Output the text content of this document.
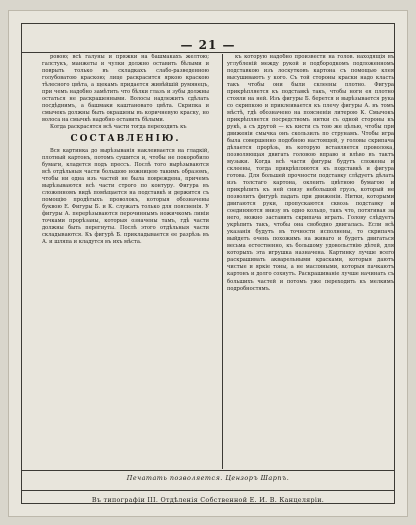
— 21 —
ровою; всѣ галуны и пряжки на башмакахъ желтою; галстукъ, манжеты и чулки должно оставить бѣлыми и поврыть только въ складкахъ слабо-разведенною голубоватою краскою; лице раскрасится яркою краскою тѣлесного цвѣта, а щекамъ придается живѣйшій румянецъ, при чемъ надобно замѣтить что бѣлки глазъ и зубы должны остаться не раскрашенными. Волосы надлежитъ сдѣлать посдѣднимъ, а башмаки каштановато цвѣта. Скрипка и смычекъ должны быть окрашены въ коричневую краску, но волоса на смычкѣ надобно оставить бѣлыми.
Когда раскрасятся всѣ части тогда переходить къ
СОСТАВЛЕНІЮ.
Вся картинка до вырѣзыванія наклеивается на гладкій, плотный картонъ, потомъ сушится и, чтобы не покоробило бумаги, кладется подъ прессъ. Послѣ того вырѣзываются всѣ отдѣльныя части большою ножницею такимъ образомъ, чтобы ни одна изъ частей не была повреждена, причемъ вырѣзываются всѣ части строго по контуру. Фигура въ сложенномъ видѣ помѣщается на подставкѣ и держится съ помощію продѣтыхъ проволокъ, которыя обозначены буквою Е. Фигуры Б. и К. служатъ только для поясненія. У фигуры А. перерѣзываются перочиннымъ ножичкомъ линіи точками прорѣзаны, которыя означены тамъ, гдѣ части должны быть перегнуты. Послѣ этого отдѣльныя части складываются. Къ фигурѣ Б. прикладывается ее разрѣзь въ А. и шляпа и кладутся въ ихъ мѣста.
къ которую надобно произвести на голов. находящія въ углубленій между рукой и подбородкомъ подложенномъ подставкою изъ лоскутковъ картона съ помощью клея высушиваютъ у кого. Съ той стороны краски надо класть такъ чтобы они были склеены плотно. Фигура прикрѣпляется къ подставкѣ такъ, чтобы ноги ея плотно стояли на ней. Изъ фигуры Б. берется и вырѣзывается рука со скрипкою и приклеивается къ плечу фигуры А. въ томъ мѣстѣ, гдѣ обозначено на поясненіи литерою К. Смычокъ прикрѣпляется посредствомъ нитки съ одной стороны къ рукѣ, а съ другой — къ кисти съ тою же цѣлью, чтобы при движеніи смычка онъ скользилъ по струнамъ. Чтобы игра была совершенно подобною настоящей, у головы скрипача дѣлается прорѣзь, въ которую вставляется проволока, позволяющая двигать головою вправо и влѣво въ тактъ музыки. Когда всѣ части фигуры будутъ сложены и склеены, тогда прикрѣпляются къ подставкѣ и фигура готова. Для большей прочности подставку слѣдуетъ дѣлать изъ толстаго картона, оклеить цвѣтною бумагою и прикрѣпить къ ней снизу небольшой грузъ, который не позволитъ фигурѣ падать при движеніи. Нитки, которыми двигаются руки, пропускаются сквозь подставку и соединяются внизу въ одно кольцо, такъ что, потягивая за него, можно заставить скрипача играть. Голову слѣдуетъ укрѣпить такъ, чтобы она свободно двигалась. Если всѣ указанія будутъ въ точности исполнены, то скрипачъ выйдетъ очень похожимъ на живаго и будетъ двигаться весьма естественно, къ большому удовольствію дѣтей, для которыхъ эта игрушка назначена. Картинку лучше всего раскрашивать акварельными красками, которыя даютъ чистые и яркіе тоны, а не масляными, которыя пачкаютъ картонъ и долго сохнутъ. Раскрашиваніе лучше начинать съ большихъ частей и потомъ уже переходить къ мелкимъ подробностямъ.
Печатать позволяется. Цензоръ Шарпъ.
Въ типографіи III. Отдѣленія Собственной Е. И. В. Канцеляріи.
